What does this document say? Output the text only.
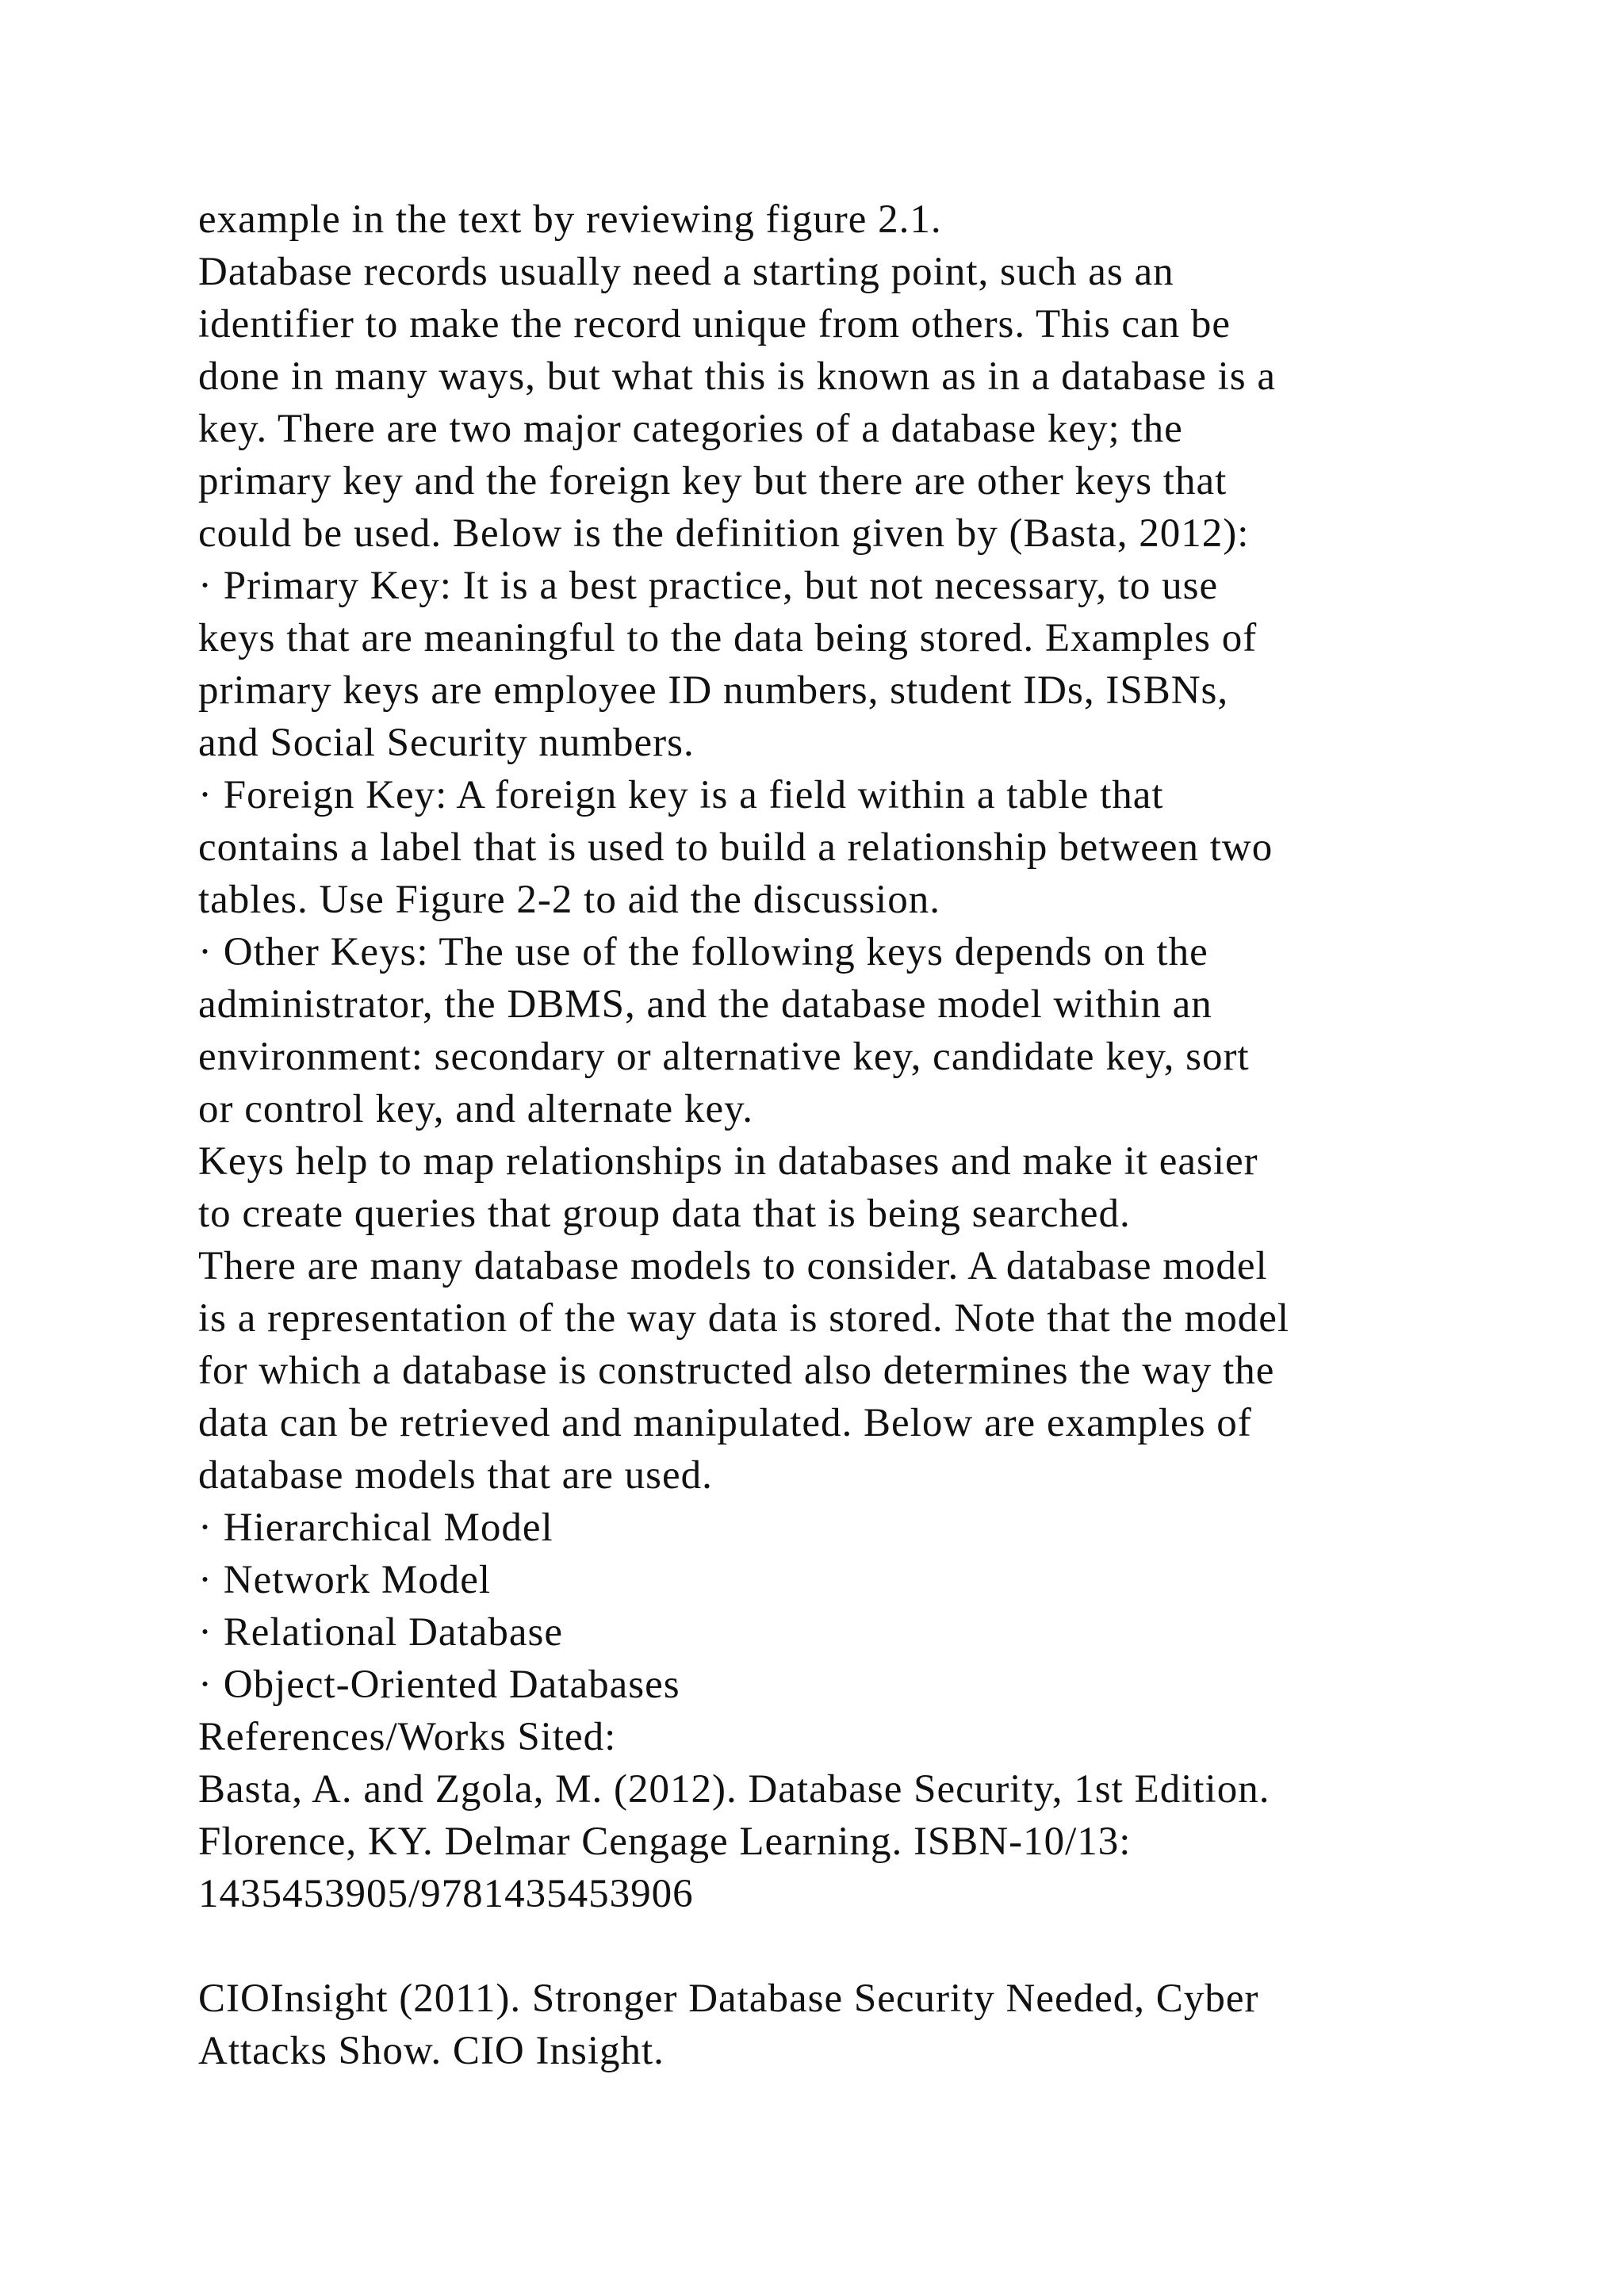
example in the text by reviewing figure 2.1.
Database records usually need a starting point, such as an
identifier to make the record unique from others. This can be
done in many ways, but what this is known as in a database is a
key. There are two major categories of a database key; the
primary key and the foreign key but there are other keys that
could be used. Below is the definition given by (Basta, 2012):
· Primary Key: It is a best practice, but not necessary, to use
keys that are meaningful to the data being stored. Examples of
primary keys are employee ID numbers, student IDs, ISBNs,
and Social Security numbers.
· Foreign Key: A foreign key is a field within a table that
contains a label that is used to build a relationship between two
tables. Use Figure 2-2 to aid the discussion.
· Other Keys: The use of the following keys depends on the
administrator, the DBMS, and the database model within an
environment: secondary or alternative key, candidate key, sort
or control key, and alternate key.
Keys help to map relationships in databases and make it easier
to create queries that group data that is being searched.
There are many database models to consider. A database model
is a representation of the way data is stored. Note that the model
for which a database is constructed also determines the way the
data can be retrieved and manipulated. Below are examples of
database models that are used.
· Hierarchical Model
· Network Model
· Relational Database
· Object-Oriented Databases
References/Works Sited:
Basta, A. and Zgola, M. (2012). Database Security, 1st Edition.
Florence, KY. Delmar Cengage Learning. ISBN-10/13:
1435453905/9781435453906
CIOInsight (2011). Stronger Database Security Needed, Cyber
Attacks Show. CIO Insight.
